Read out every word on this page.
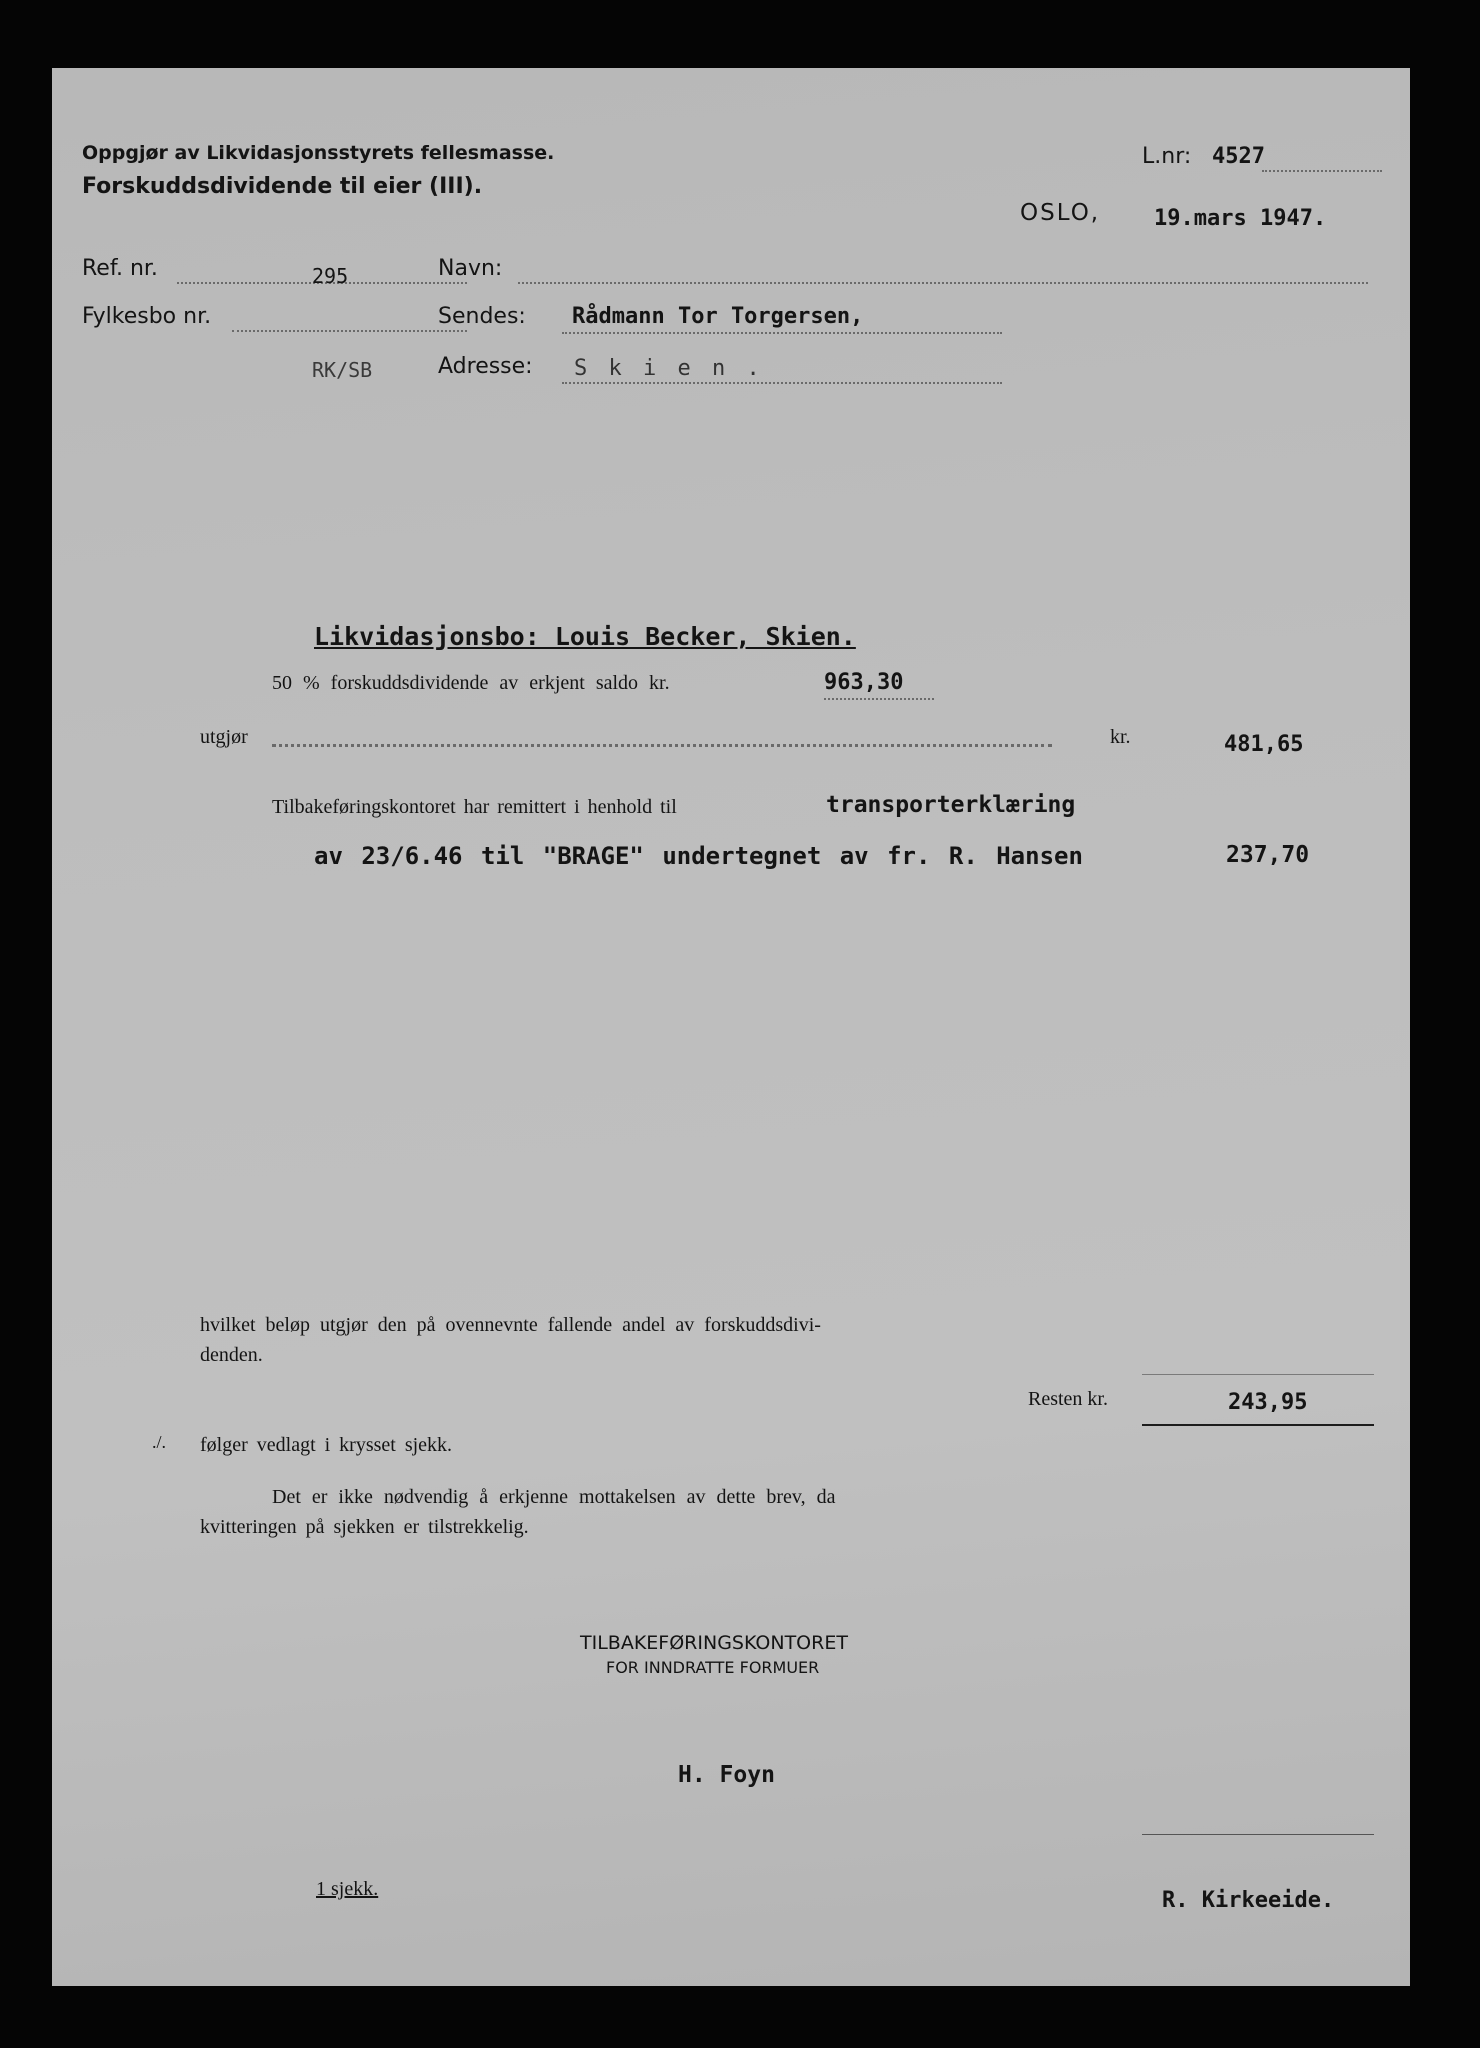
Oppgjør av Likvidasjonsstyrets fellesmasse.
Forskuddsdividende til eier (III).
L.nr: 4527
OSLO, 19.mars 1947.
Ref. nr.	295
Fylkesbo nr.
RK/SB
Navn:
Sendes: Rådmann Tor Torgersen,
Adresse: S k i e n .
Likvidasjonsbo: Louis Becker, Skien.
50 % forskuddsdividende av erkjent saldo kr.	963,30
utgjør	kr.	481,65
Tilbakeføringskontoret har remittert i henhold til	transporterklæring
av 23/6.46 til "BRAGE" undertegnet av fr. R. Hansen	237,70
hvilket beløp utgjør den på ovennevnte fallende andel av forskuddsdivi-
denden.
Resten kr.	243,95
./. følger vedlagt i krysset sjekk.
Det er ikke nødvendig å erkjenne mottakelsen av dette brev, da
kvitteringen på sjekken er tilstrekkelig.
TILBAKEFØRINGSKONTORET
FOR INNDRATTE FORMUER
H. Foyn
1 sjekk.	R. Kirkeeide.
